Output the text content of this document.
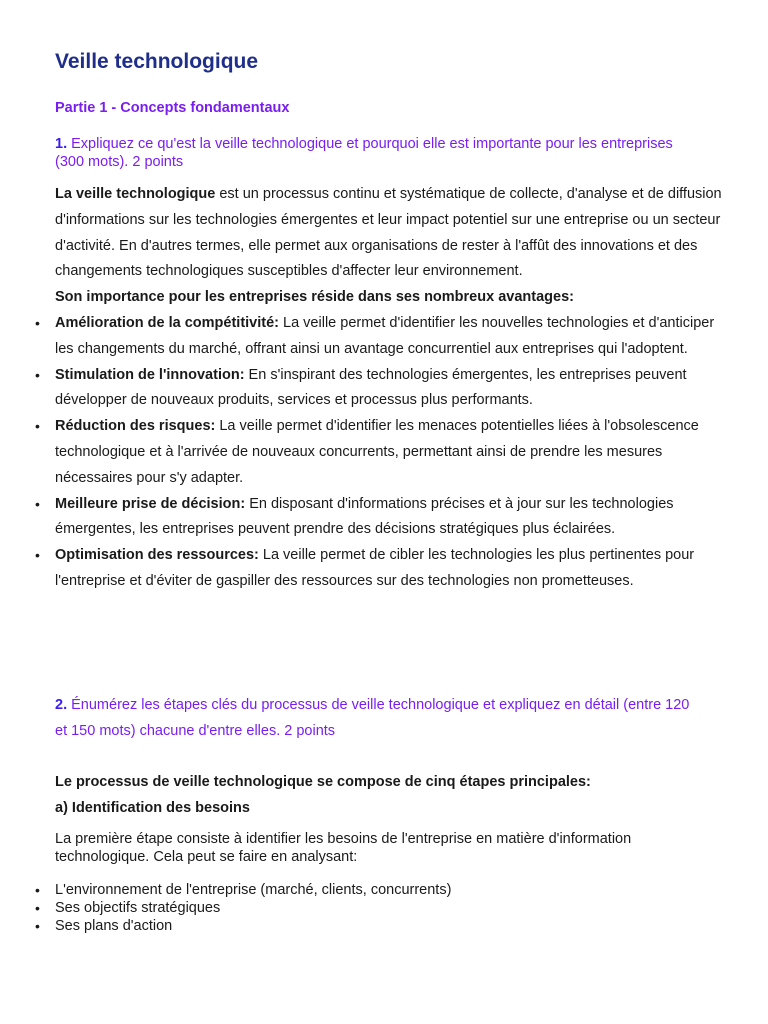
Veille technologique
Partie 1 - Concepts fondamentaux
1. Expliquez ce qu'est la veille technologique et pourquoi elle est importante pour les entreprises (300 mots). 2 points

La veille technologique est un processus continu et systématique de collecte, d'analyse et de diffusion d'informations sur les technologies émergentes et leur impact potentiel sur une entreprise ou un secteur d'activité. En d'autres termes, elle permet aux organisations de rester à l'affût des innovations et des changements technologiques susceptibles d'affecter leur environnement.

Son importance pour les entreprises réside dans ses nombreux avantages:

• Amélioration de la compétitivité: La veille permet d'identifier les nouvelles technologies et d'anticiper les changements du marché, offrant ainsi un avantage concurrentiel aux entreprises qui l'adoptent.
• Stimulation de l'innovation: En s'inspirant des technologies émergentes, les entreprises peuvent développer de nouveaux produits, services et processus plus performants.
• Réduction des risques: La veille permet d'identifier les menaces potentielles liées à l'obsolescence technologique et à l'arrivée de nouveaux concurrents, permettant ainsi de prendre les mesures nécessaires pour s'y adapter.
• Meilleure prise de décision: En disposant d'informations précises et à jour sur les technologies émergentes, les entreprises peuvent prendre des décisions stratégiques plus éclairées.
• Optimisation des ressources: La veille permet de cibler les technologies les plus pertinentes pour l'entreprise et d'éviter de gaspiller des ressources sur des technologies non prometteuses.
2. Énumérez les étapes clés du processus de veille technologique et expliquez en détail (entre 120 et 150 mots) chacune d'entre elles. 2 points

Le processus de veille technologique se compose de cinq étapes principales:

a) Identification des besoins

La première étape consiste à identifier les besoins de l'entreprise en matière d'information technologique. Cela peut se faire en analysant:
• L'environnement de l'entreprise (marché, clients, concurrents)
• Ses objectifs stratégiques
• Ses plans d'action
